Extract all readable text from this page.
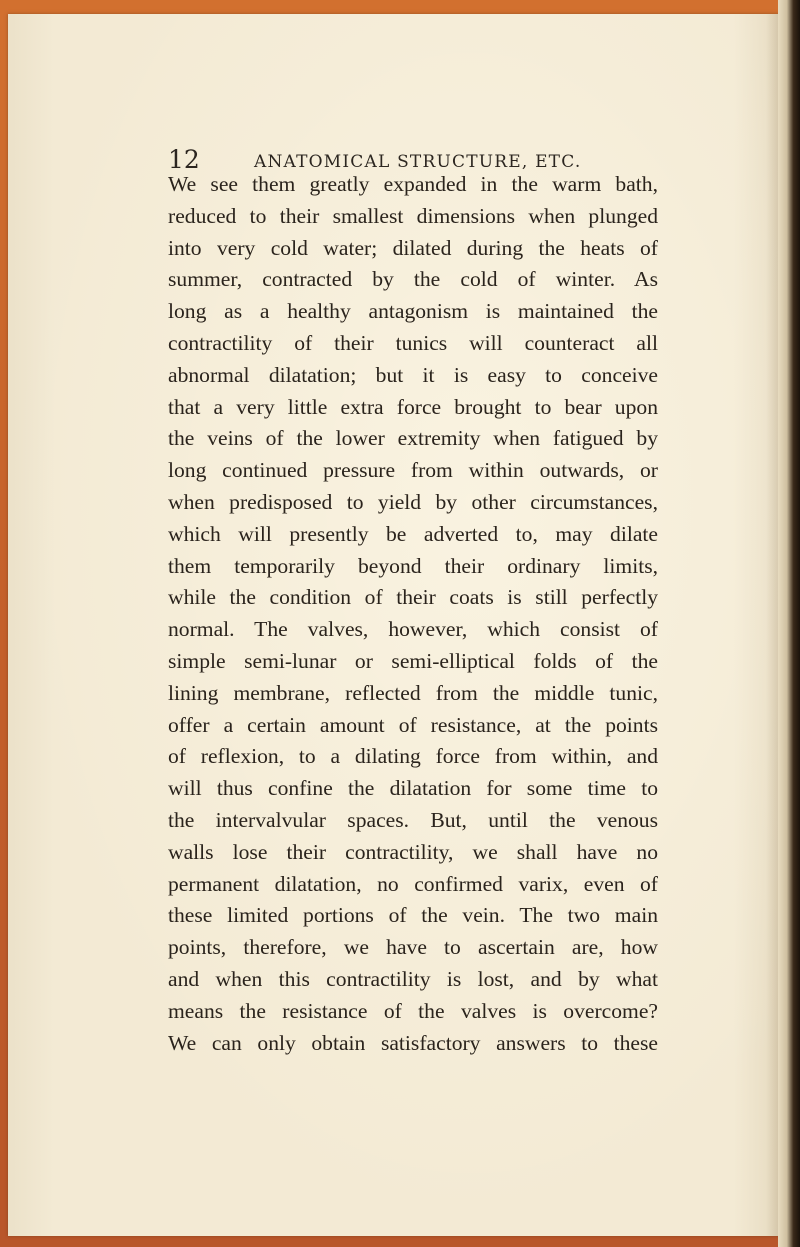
12	ANATOMICAL STRUCTURE, ETC.
We see them greatly expanded in the warm bath,
reduced to their smallest dimensions when plunged
into very cold water; dilated during the heats of
summer, contracted by the cold of winter. As
long as a healthy antagonism is maintained the
contractility of their tunics will counteract all
abnormal dilatation; but it is easy to conceive
that a very little extra force brought to bear upon
the veins of the lower extremity when fatigued by
long continued pressure from within outwards, or
when predisposed to yield by other circumstances,
which will presently be adverted to, may dilate
them temporarily beyond their ordinary limits,
while the condition of their coats is still perfectly
normal. The valves, however, which consist of
simple semi-lunar or semi-elliptical folds of the
lining membrane, reflected from the middle tunic,
offer a certain amount of resistance, at the points
of reflexion, to a dilating force from within, and
will thus confine the dilatation for some time to
the intervalvular spaces. But, until the venous
walls lose their contractility, we shall have no
permanent dilatation, no confirmed varix, even of
these limited portions of the vein. The two main
points, therefore, we have to ascertain are, how
and when this contractility is lost, and by what
means the resistance of the valves is overcome?
We can only obtain satisfactory answers to these
